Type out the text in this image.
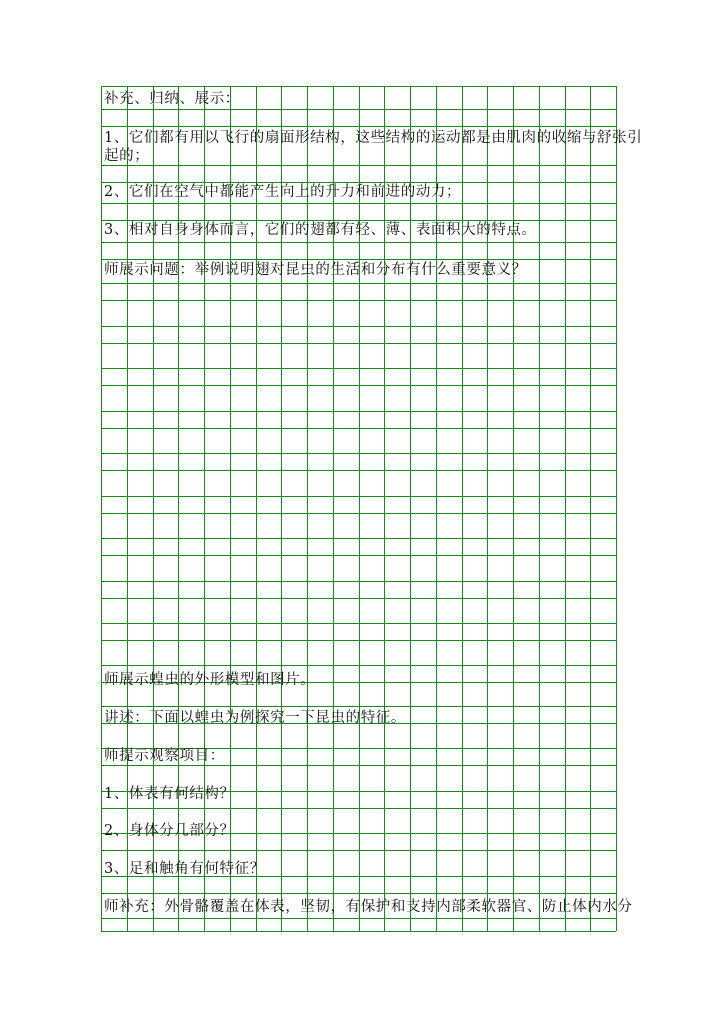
补充、归纳、展示：
1、它们都有用以飞行的扇面形结构，这些结构的运动都是由肌肉的收缩与舒张引
起的；
2、它们在空气中都能产生向上的升力和前进的动力；
3、相对自身身体而言，它们的翅都有轻、薄、表面积大的特点。
师展示问题：举例说明翅对昆虫的生活和分布有什么重要意义？
师展示蝗虫的外形模型和图片。
讲述：下面以蝗虫为例探究一下昆虫的特征。
师提示观察项目：
1、体表有何结构？
2、身体分几部分？
3、足和触角有何特征？
师补充：外骨骼覆盖在体表，坚韧，有保护和支持内部柔软器官、防止体内水分
